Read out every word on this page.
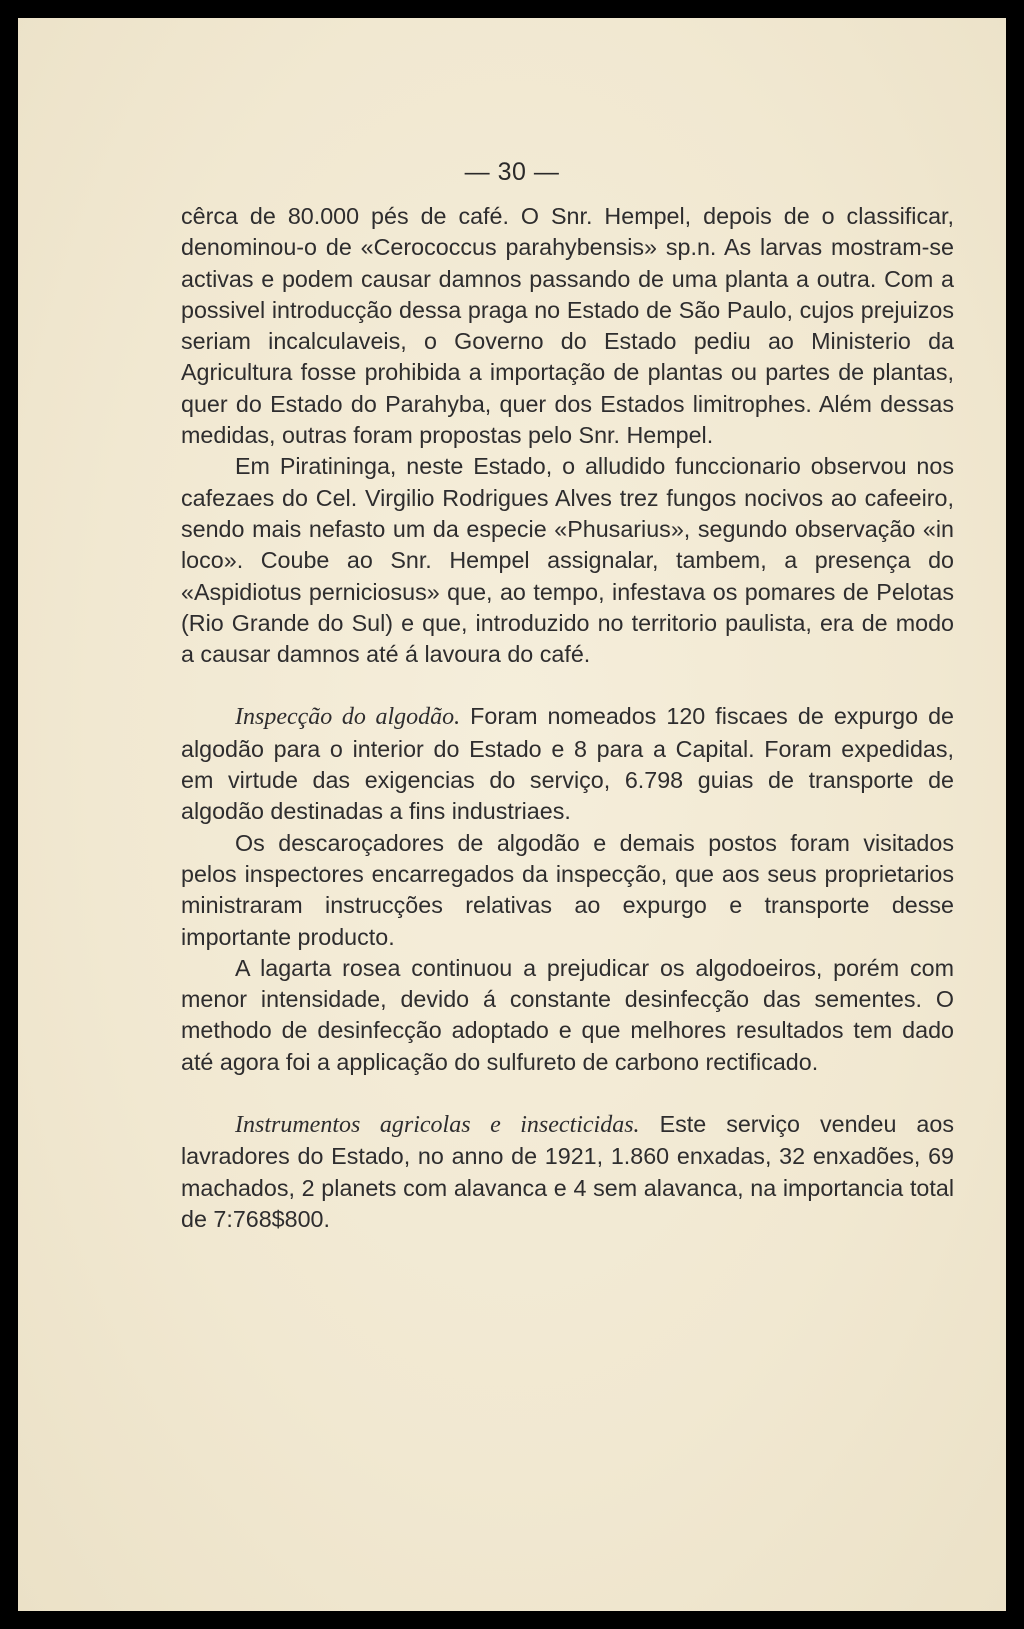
— 30 —

cêrca de 80.000 pés de café. O Snr. Hempel, depois de o classificar, denominou-o de «Cerococcus parahybensis» sp.n. As larvas mostram-se activas e podem causar damnos passando de uma planta a outra. Com a possivel introducção dessa praga no Estado de São Paulo, cujos prejuizos seriam incalculaveis, o Governo do Estado pediu ao Ministerio da Agricultura fosse prohibida a importação de plantas ou partes de plantas, quer do Estado do Parahyba, quer dos Estados limitrophes. Além dessas medidas, outras foram propostas pelo Snr. Hempel.

Em Piratininga, neste Estado, o alludido funccionario observou nos cafezaes do Cel. Virgilio Rodrigues Alves trez fungos nocivos ao cafeeiro, sendo mais nefasto um da especie «Phusarius», segundo observação «in loco». Coube ao Snr. Hempel assignalar, tambem, a presença do «Aspidiotus perniciosus» que, ao tempo, infestava os pomares de Pelotas (Rio Grande do Sul) e que, introduzido no territorio paulista, era de modo a causar damnos até á lavoura do café.

Inspecção do algodão. Foram nomeados 120 fiscaes de expurgo de algodão para o interior do Estado e 8 para a Capital. Foram expedidas, em virtude das exigencias do serviço, 6.798 guias de transporte de algodão destinadas a fins industriaes.

Os descaroçadores de algodão e demais postos foram visitados pelos inspectores encarregados da inspecção, que aos seus proprietarios ministraram instrucções relativas ao expurgo e transporte desse importante producto.

A lagarta rosea continuou a prejudicar os algodoeiros, porém com menor intensidade, devido á constante desinfecção das sementes. O methodo de desinfecção adoptado e que melhores resultados tem dado até agora foi a applicação do sulfureto de carbono rectificado.

Instrumentos agricolas e insecticidas. Este serviço vendeu aos lavradores do Estado, no anno de 1921, 1.860 enxadas, 32 enxadões, 69 machados, 2 planets com alavanca e 4 sem alavanca, na importancia total de 7:768$800.
